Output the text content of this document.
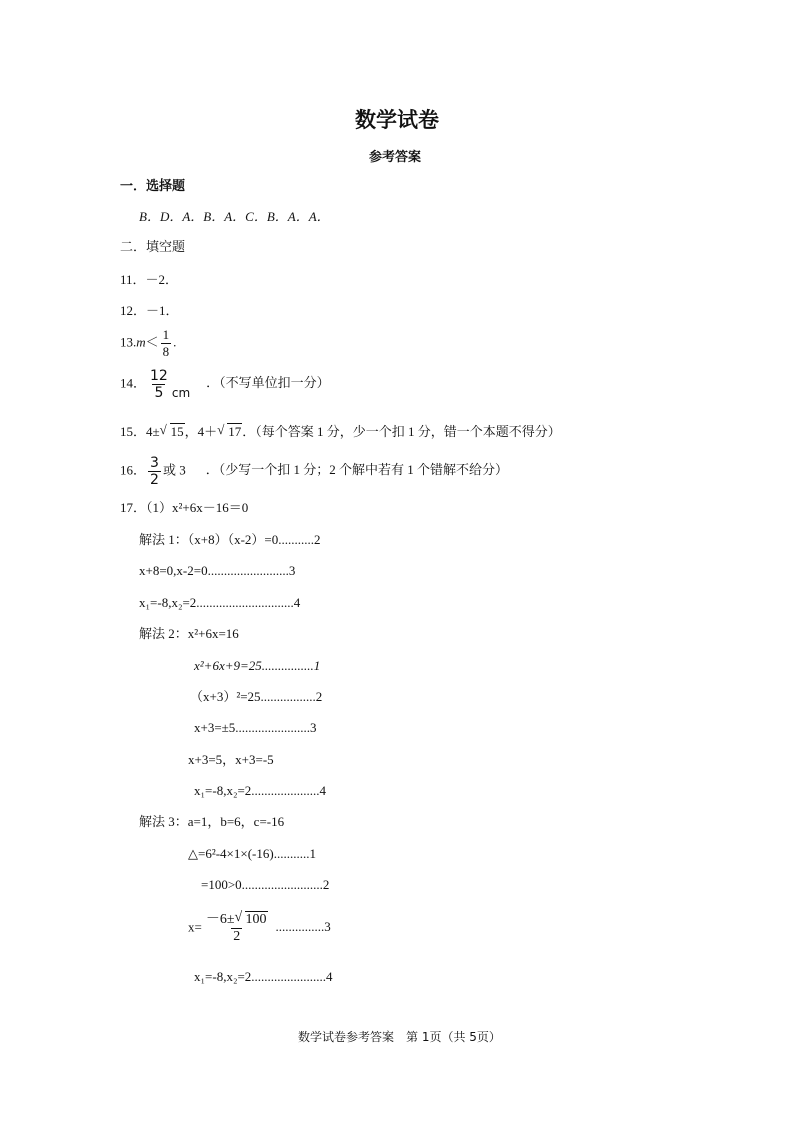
数学试卷
参考答案
一．选择题
B．D．A．B．A．C．B．A．A．
二．填空题
11．－2．
12．－1．
$13.m< \frac{1}{8}$ .
14． $\frac{12}{5}$ cm．（不写单位扣一分）
15．4± √ 15，4＋ √ 17．（每个答案 1 分，少一个扣 1 分，错一个本题不得分）
16． $\frac{3}{2}$ 或 3 ．（少写一个扣 1 分；2 个解中若有 1 个错解不给分）
17．（1）x²+6x－16＝0
解法 1：（x+8）（x-2）=0...........2
x+8=0,x-2=0.........................3
x₁=-8,x₂=2..............................4
解法 2：x²+6x=16
x²+6x+9=25................1
（x+3）²=25.................2
x+3=±5.......................3
x+3=5，x+3=-5
x₁=-8,x₂=2.....................4
解法 3：a=1，b=6，c=-16
△=6²-4×1×(-16)...........1
=100>0.........................2
$x= \frac{-6\pm √ 100}{2} ...............3$
x₁=-8,x₂=2.......................4
数学试卷参考答案　第 1页（共 5页）
